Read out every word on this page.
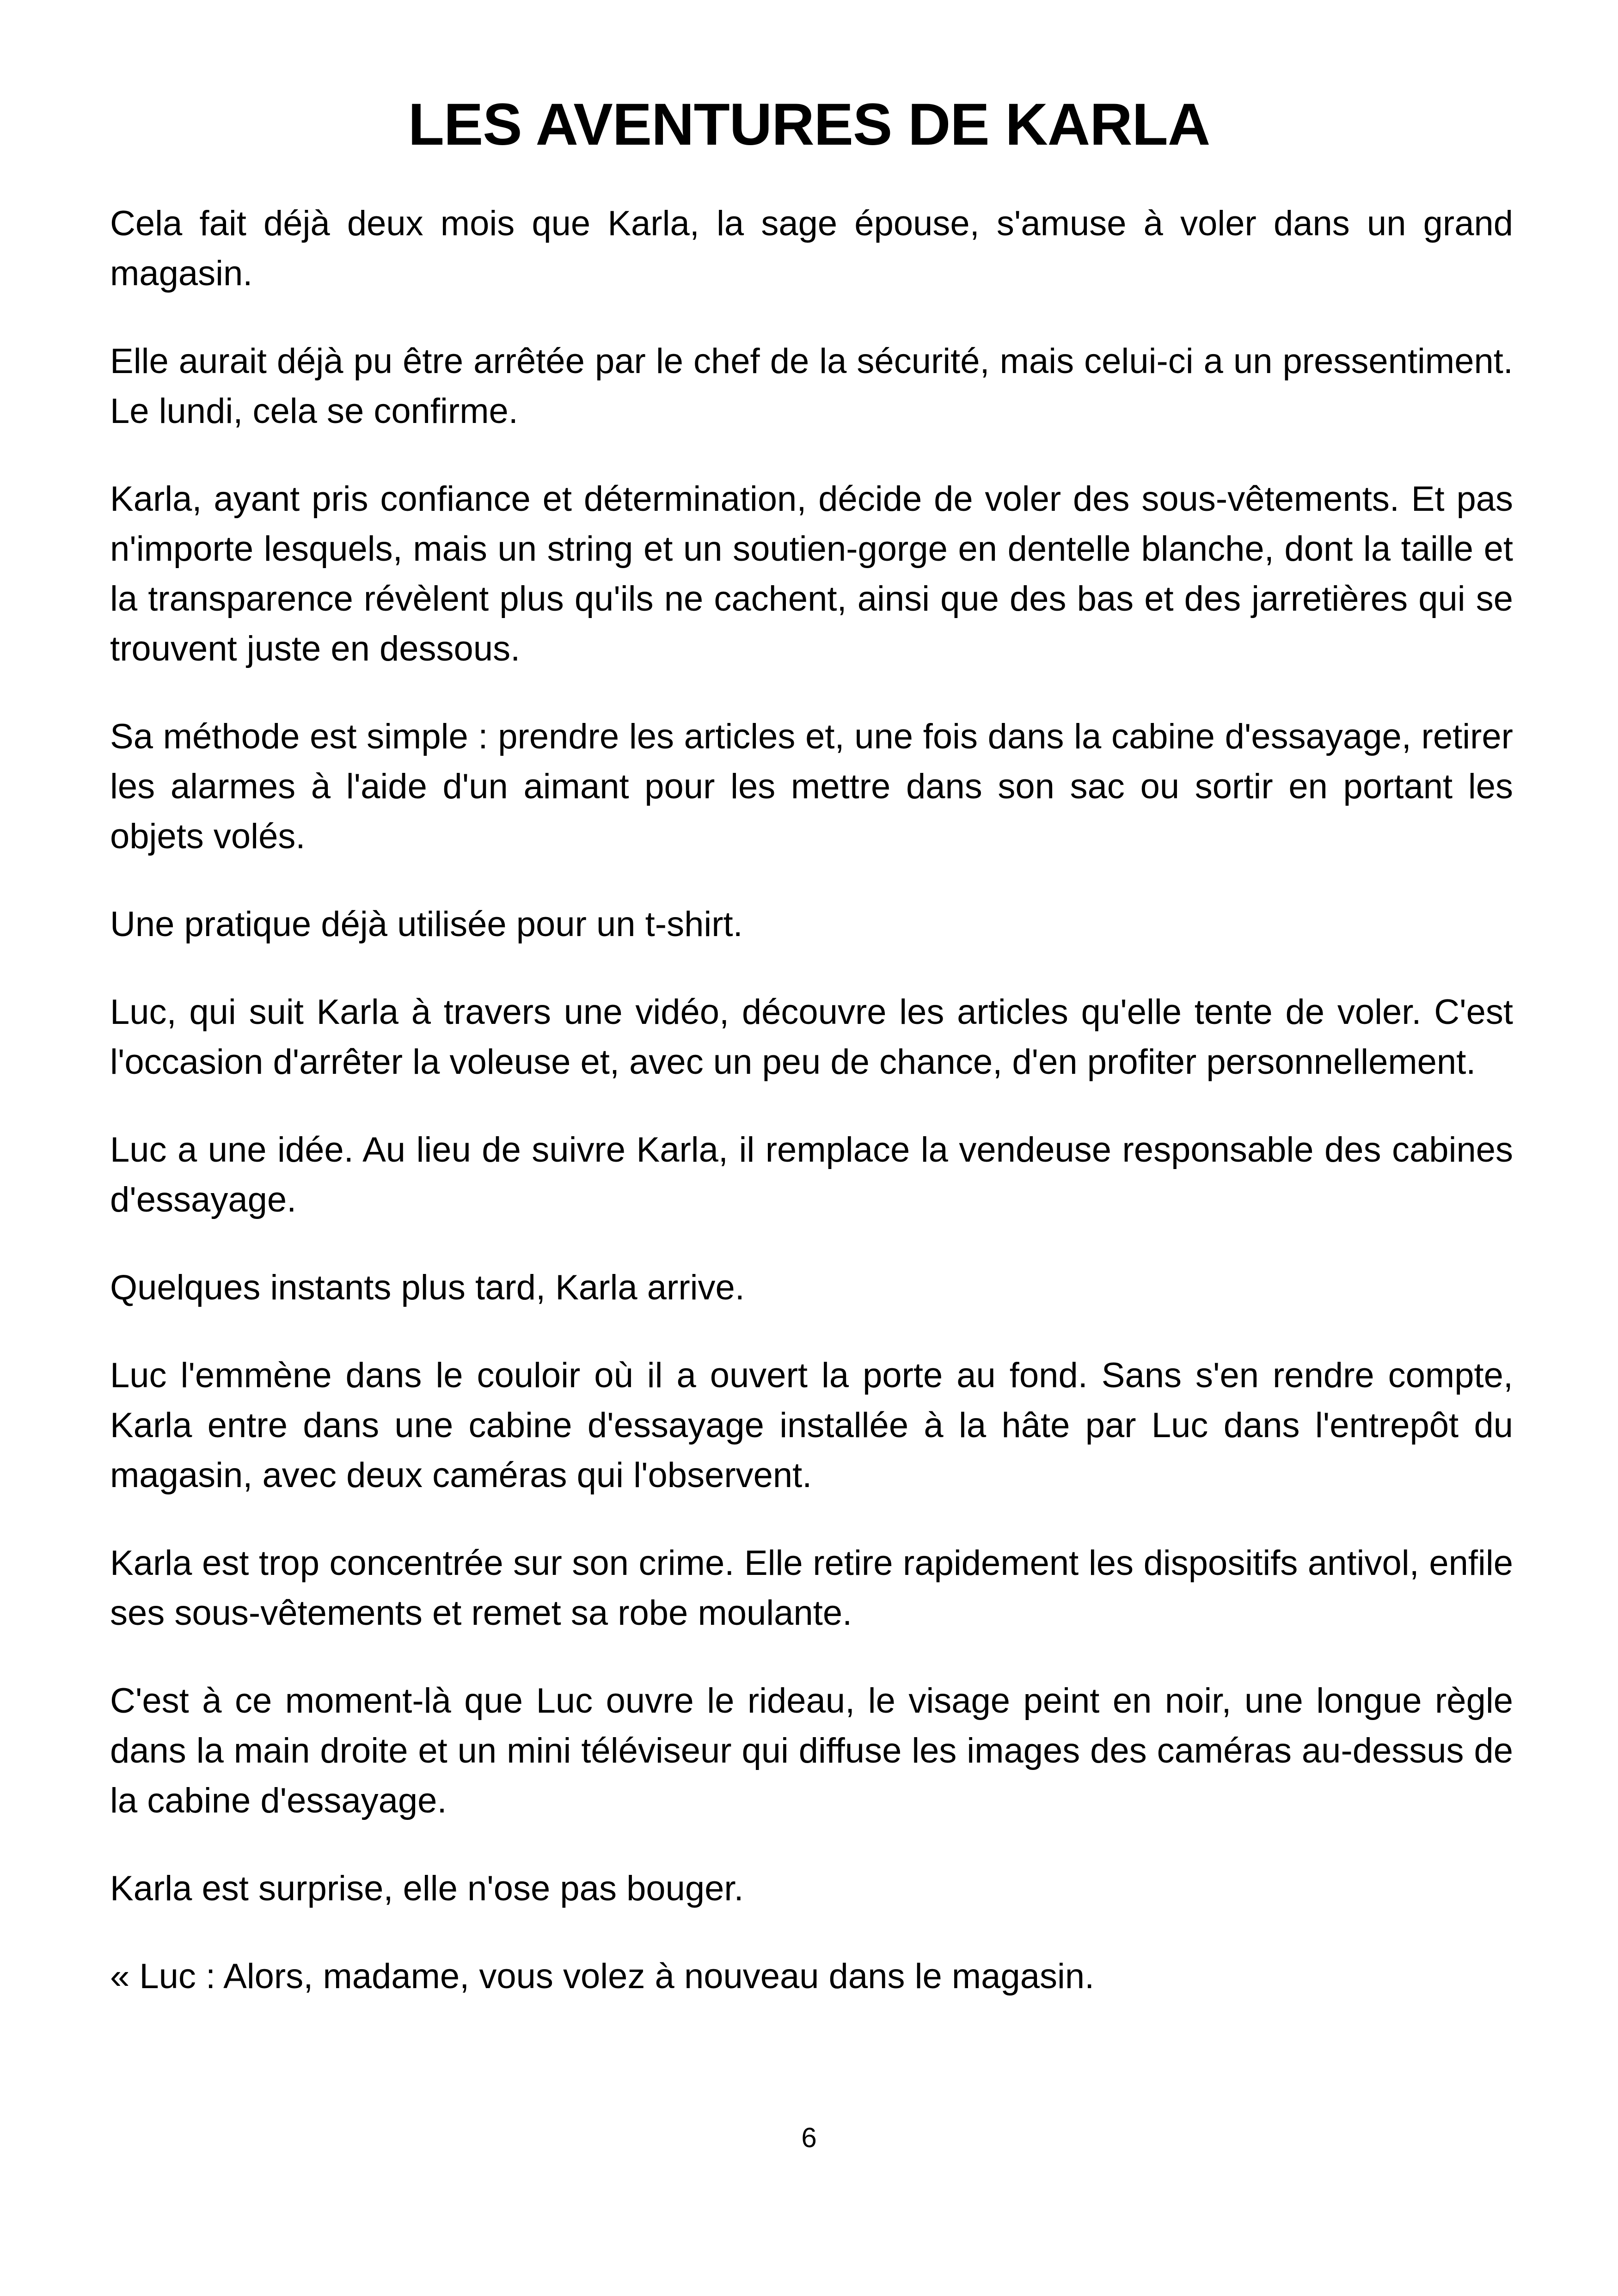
LES AVENTURES DE KARLA

Cela fait déjà deux mois que Karla, la sage épouse, s'amuse à voler dans un grand magasin.

Elle aurait déjà pu être arrêtée par le chef de la sécurité, mais celui-ci a un pressentiment. Le lundi, cela se confirme.

Karla, ayant pris confiance et détermination, décide de voler des sous-vêtements. Et pas n'importe lesquels, mais un string et un soutien-gorge en dentelle blanche, dont la taille et la transparence révèlent plus qu'ils ne cachent, ainsi que des bas et des jarretières qui se trouvent juste en dessous.

Sa méthode est simple : prendre les articles et, une fois dans la cabine d'essayage, retirer les alarmes à l'aide d'un aimant pour les mettre dans son sac ou sortir en portant les objets volés.

Une pratique déjà utilisée pour un t-shirt.

Luc, qui suit Karla à travers une vidéo, découvre les articles qu'elle tente de voler. C'est l'occasion d'arrêter la voleuse et, avec un peu de chance, d'en profiter personnellement.

Luc a une idée. Au lieu de suivre Karla, il remplace la vendeuse responsable des cabines d'essayage.

Quelques instants plus tard, Karla arrive.

Luc l'emmène dans le couloir où il a ouvert la porte au fond. Sans s'en rendre compte, Karla entre dans une cabine d'essayage installée à la hâte par Luc dans l'entrepôt du magasin, avec deux caméras qui l'observent.

Karla est trop concentrée sur son crime. Elle retire rapidement les dispositifs antivol, enfile ses sous-vêtements et remet sa robe moulante.

C'est à ce moment-là que Luc ouvre le rideau, le visage peint en noir, une longue règle dans la main droite et un mini téléviseur qui diffuse les images des caméras au-dessus de la cabine d'essayage.

Karla est surprise, elle n'ose pas bouger.

« Luc : Alors, madame, vous volez à nouveau dans le magasin.

6
